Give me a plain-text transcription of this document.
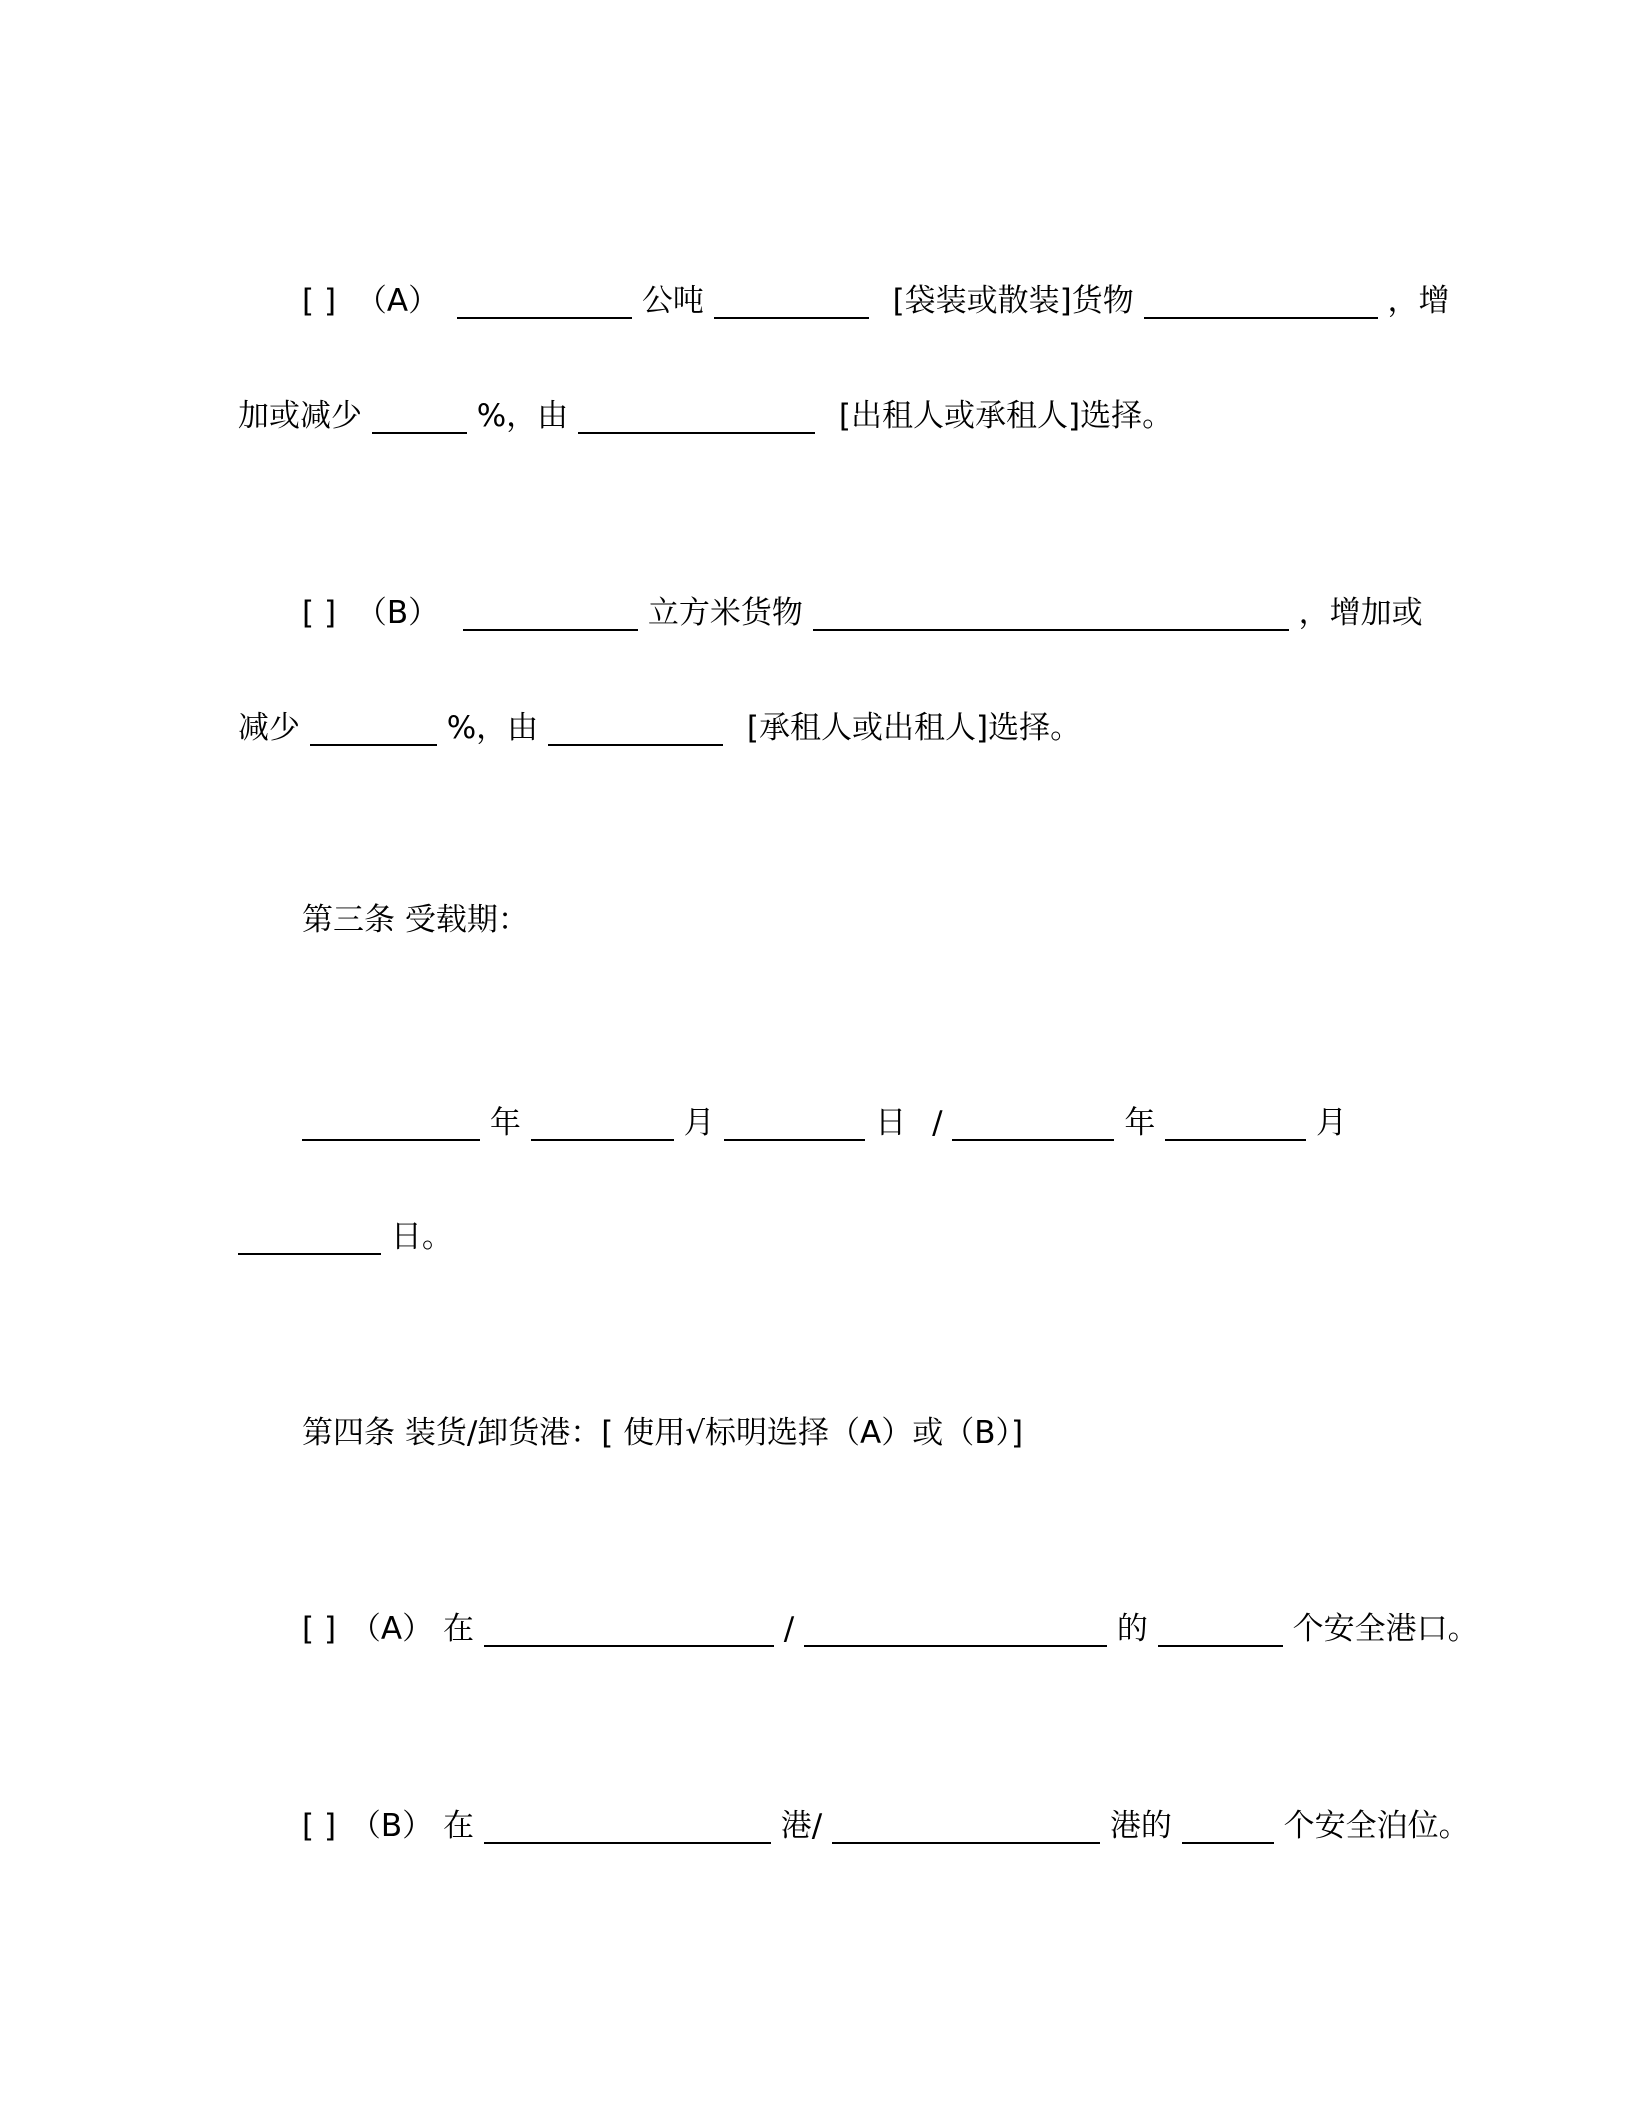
[ ] （A）	公吨	[袋装或散装]货物	，增
加或减少	%，由	[出租人或承租人]选择。
[ ] （B）	立方米货物	，增加或
减少	%，由	[承租人或出租人]选择。
第三条 受载期：
年	月	日 /	年	月
日。
第四条 装货/卸货港：[ 使用√标明选择（A）或（B）]
[ ] （A） 在	/	的	个安全港口。
[ ] （B） 在	港/	港的	个安全泊位。
